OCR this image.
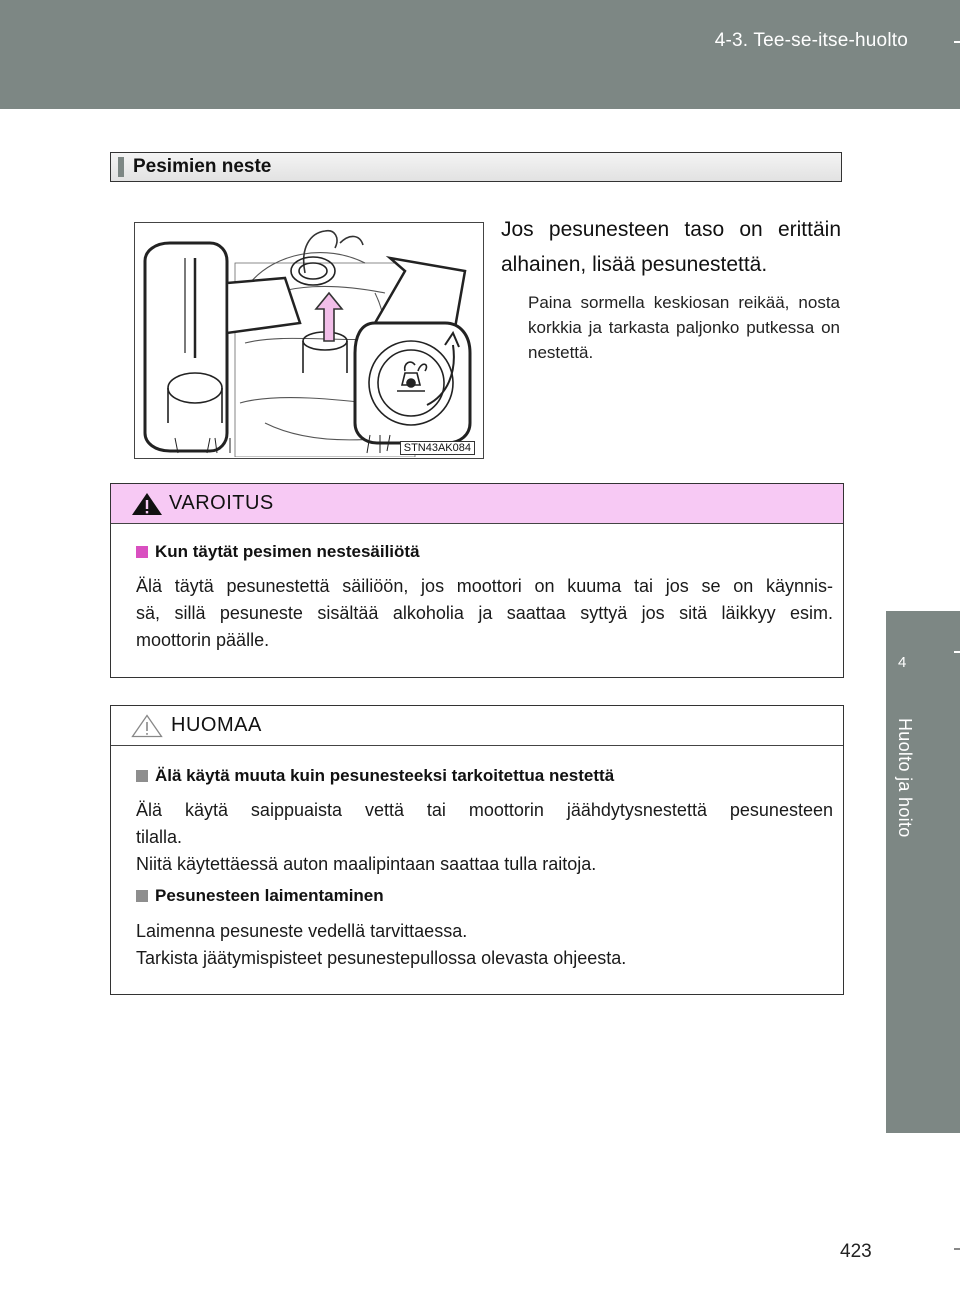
4-3. Tee-se-itse-huolto
4
Huolto ja hoito
Pesimien neste
STN43AK084
Jos pesunesteen taso on erittäin alhainen, lisää pesunestettä.
Paina sormella keskiosan reikää, nosta korkkia ja tarkasta paljonko putkessa on nestettä.
VAROITUS
Kun täytät pesimen nestesäiliötä
Älä täytä pesunestettä säiliöön, jos moottori on kuuma tai jos se on käynnis-
sä, sillä pesuneste sisältää alkoholia ja saattaa syttyä jos sitä läikkyy esim.
moottorin päälle.
HUOMAA
Älä käytä muuta kuin pesunesteeksi tarkoitettua nestettä
Älä käytä saippuaista vettä tai moottorin jäähdytysnestettä pesunesteen
tilalla.
Niitä käytettäessä auton maalipintaan saattaa tulla raitoja.
Pesunesteen laimentaminen
Laimenna pesuneste vedellä tarvittaessa.
Tarkista jäätymispisteet pesunestepullossa olevasta ohjeesta.
423
